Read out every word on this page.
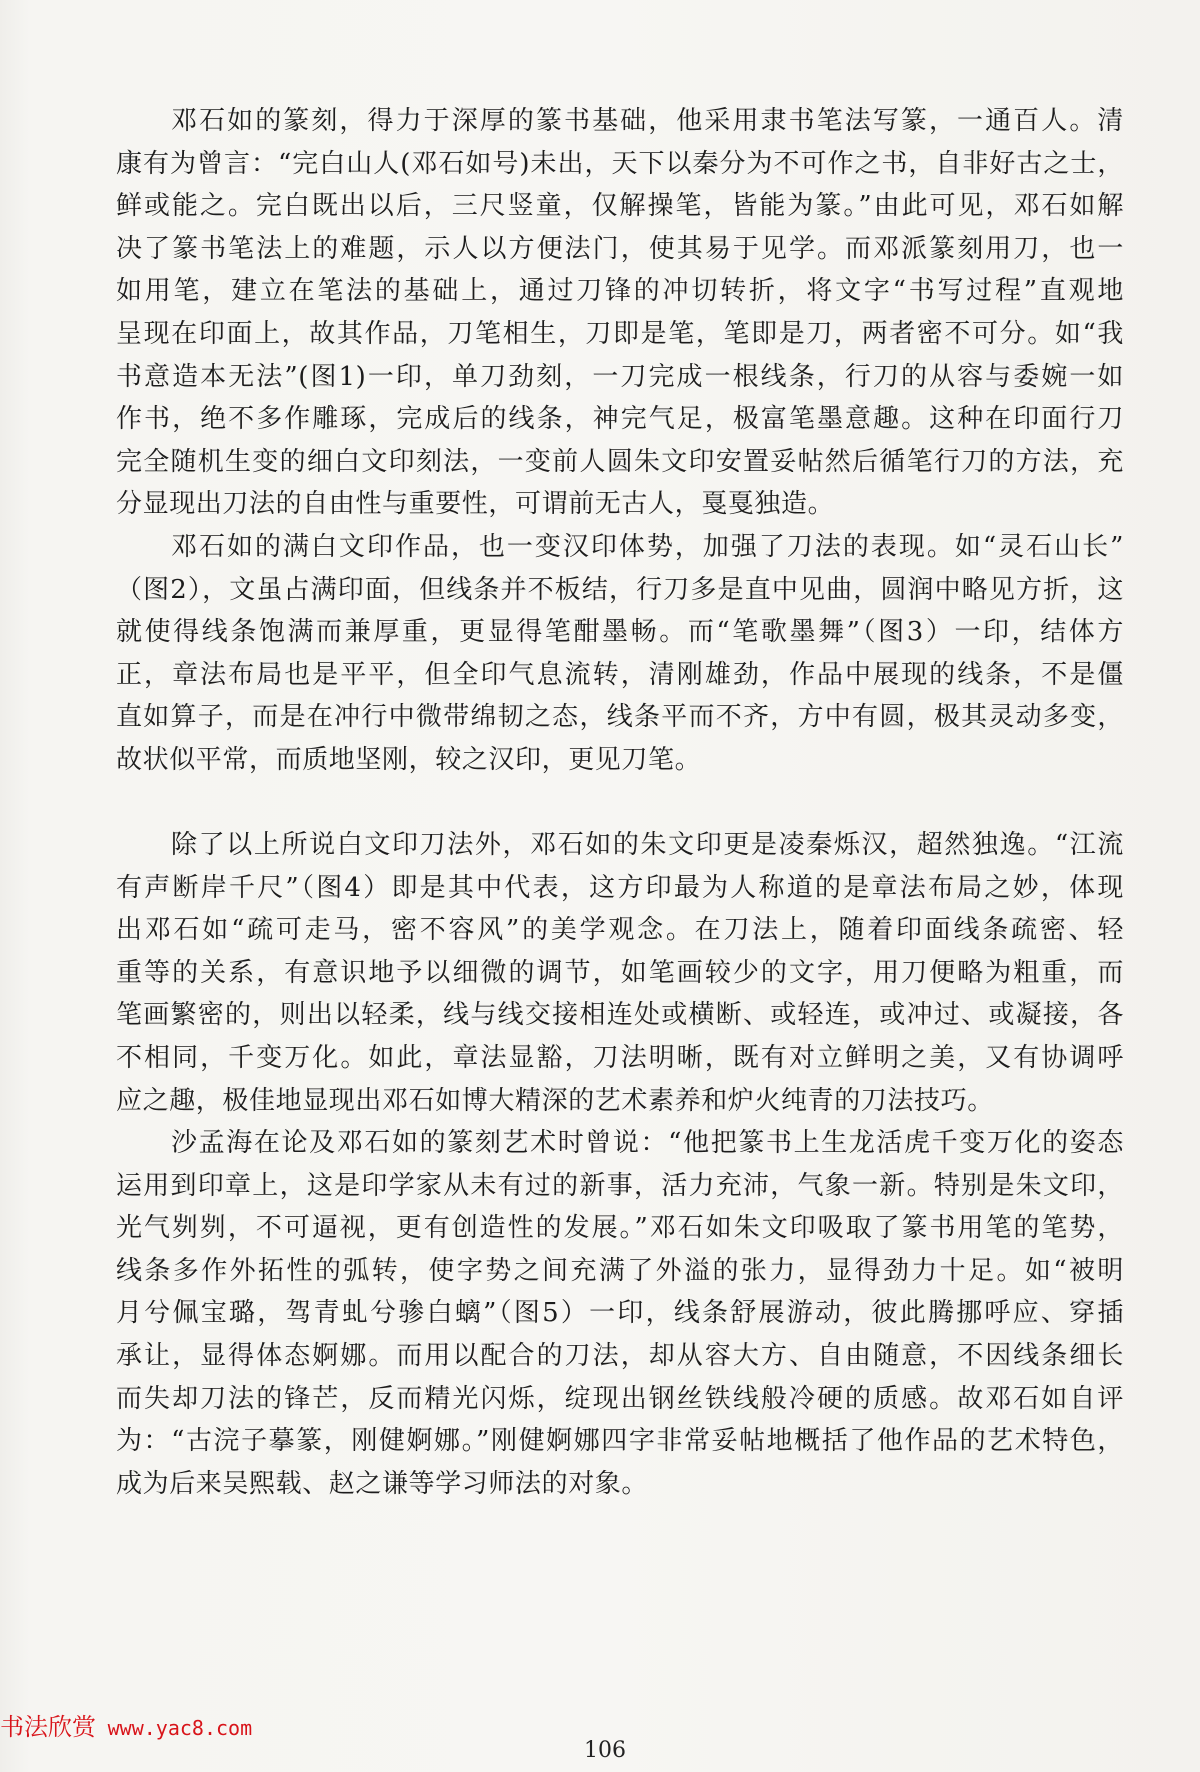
邓石如的篆刻，得力于深厚的篆书基础，他采用隶书笔法写篆，一通百人。清
康有为曾言：“完白山人(邓石如号)未出，天下以秦分为不可作之书，自非好古之士，
鲜或能之。完白既出以后，三尺竖童，仅解操笔，皆能为篆。”由此可见，邓石如解
决了篆书笔法上的难题，示人以方便法门，使其易于见学。而邓派篆刻用刀，也一
如用笔，建立在笔法的基础上，通过刀锋的冲切转折，将文字“书写过程”直观地
呈现在印面上，故其作品，刀笔相生，刀即是笔，笔即是刀，两者密不可分。如“我
书意造本无法”(图1)一印，单刀劲刻，一刀完成一根线条，行刀的从容与委婉一如
作书，绝不多作雕琢，完成后的线条，神完气足，极富笔墨意趣。这种在印面行刀
完全随机生变的细白文印刻法，一变前人圆朱文印安置妥帖然后循笔行刀的方法，充
分显现出刀法的自由性与重要性，可谓前无古人，戛戛独造。
邓石如的满白文印作品，也一变汉印体势，加强了刀法的表现。如“灵石山长”
（图2），文虽占满印面，但线条并不板结，行刀多是直中见曲，圆润中略见方折，这
就使得线条饱满而兼厚重，更显得笔酣墨畅。而“笔歌墨舞”（图3）一印，结体方
正，章法布局也是平平，但全印气息流转，清刚雄劲，作品中展现的线条，不是僵
直如算子，而是在冲行中微带绵韧之态，线条平而不齐，方中有圆，极其灵动多变，
故状似平常，而质地坚刚，较之汉印，更见刀笔。
除了以上所说白文印刀法外，邓石如的朱文印更是凌秦烁汉，超然独逸。“江流
有声断岸千尺”（图4）即是其中代表，这方印最为人称道的是章法布局之妙，体现
出邓石如“疏可走马，密不容风”的美学观念。在刀法上，随着印面线条疏密、轻
重等的关系，有意识地予以细微的调节，如笔画较少的文字，用刀便略为粗重，而
笔画繁密的，则出以轻柔，线与线交接相连处或横断、或轻连，或冲过、或凝接，各
不相同，千变万化。如此，章法显豁，刀法明晰，既有对立鲜明之美，又有协调呼
应之趣，极佳地显现出邓石如博大精深的艺术素养和炉火纯青的刀法技巧。
沙孟海在论及邓石如的篆刻艺术时曾说：“他把篆书上生龙活虎千变万化的姿态
运用到印章上，这是印学家从未有过的新事，活力充沛，气象一新。特别是朱文印，
光气刿刿，不可逼视，更有创造性的发展。”邓石如朱文印吸取了篆书用笔的笔势，
线条多作外拓性的弧转，使字势之间充满了外溢的张力，显得劲力十足。如“被明
月兮佩宝璐，驾青虬兮骖白螭”（图5）一印，线条舒展游动，彼此腾挪呼应、穿插
承让，显得体态婀娜。而用以配合的刀法，却从容大方、自由随意，不因线条细长
而失却刀法的锋芒，反而精光闪烁，绽现出钢丝铁线般冷硬的质感。故邓石如自评
为：“古浣子摹篆，刚健婀娜。”刚健婀娜四字非常妥帖地概括了他作品的艺术特色，
成为后来吴熙载、赵之谦等学习师法的对象。
书法欣赏 www.yac8.com
106
